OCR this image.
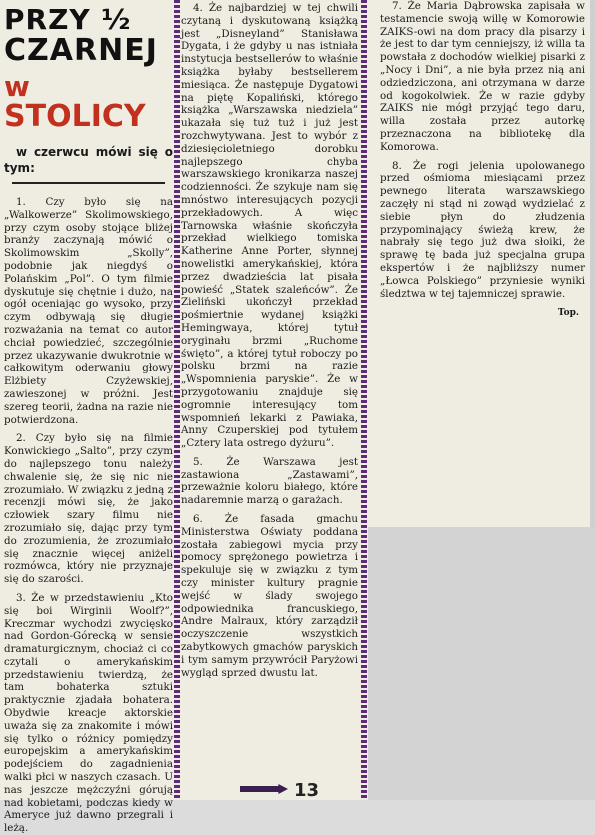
PRZY ½
CZARNEJ
w STOLICY

w czerwcu mówi się o tym:

1. Czy było się na „Walkowerze” Skolimowskiego, przy czym osoby stojące bliżej branży zaczynają mówić o Skolimowskim „Skolly”, podobnie jak niegdyś o Polańskim „Pol”. O tym filmie dyskutuje się chętnie i dużo, na ogół oceniając go wysoko, przy czym odbywają się długie rozważania na temat co autor chciał powiedzieć, szczególnie przez ukazywanie dwukrotnie w całkowitym oderwaniu głowy Elżbiety Czyżewskiej, zawieszonej w próżni. Jest szereg teorii, żadna na razie nie potwierdzona.

2. Czy było się na filmie Konwickiego „Salto”, przy czym do najlepszego tonu należy chwalenie się, że się nic nie zrozumiało. W związku z jedną z recenzji mówi się, że jako człowiek szary filmu nie zrozumiało się, dając przy tym do zrozumienia, że zrozumiało się znacznie więcej aniżeli rozmówca, który nie przyznaje się do szarości.

3. Że w przedstawieniu „Kto się boi Wirginii Woolf?”, Kreczmar wychodzi zwycięsko nad Gordon-Górecką w sensie dramaturgicznym, chociaż ci co czytali o amerykańskim przedstawieniu twierdzą, że tam bohaterka sztuki praktycznie zjadała bohatera. Obydwie kreacje aktorskie uważa się za znakomite i mówi się tylko o różnicy pomiędzy europejskim a amerykańskim podejściem do zagadnienia walki płci w naszych czasach. U nas jeszcze mężczyźni górują nad kobietami, podczas kiedy w Ameryce już dawno przegrali i leżą.

4. Że najbardziej w tej chwili czytaną i dyskutowaną książką jest „Disneyland” Stanisława Dygata, i że gdyby u nas istniała instytucja bestsellerów to właśnie książka byłaby bestsellerem miesiąca. Że następuje Dygatowi na piętę Kopaliński, którego książka „Warszawska niedziela” ukazała się tuż tuż i już jest rozchwytywana. Jest to wybór z dziesięcioletniego dorobku najlepszego chyba warszawskiego kronikarza naszej codzienności. Że szykuje nam się mnóstwo interesujących pozycji przekładowych. A więc Tarnowska właśnie skończyła przekład wielkiego tomiska Katherine Anne Porter, słynnej nowelistki amerykańskiej, która przez dwadzieścia lat pisała powieść „Statek szaleńców”. Że Zieliński ukończył przekład pośmiertnie wydanej książki Hemingwaya, której tytuł oryginału brzmi „Ruchome święto”, a której tytuł roboczy po polsku brzmi na razie „Wspomnienia paryskie”. Że w przygotowaniu znajduje się ogromnie interesujący tom wspomnień lekarki z Pawiaka, Anny Czuperskiej pod tytułem „Cztery lata ostrego dyżuru”.

5. Że Warszawa jest zastawiona „Zastawami”, przeważnie koloru białego, które nadaremnie marzą o garażach.

6. Że fasada gmachu Ministerstwa Oświaty poddana została zabiegowi mycia przy pomocy sprężonego powietrza i spekuluje się w związku z tym czy minister kultury pragnie wejść w ślady swojego odpowiednika francuskiego, Andre Malraux, który zarządził oczyszczenie wszystkich zabytkowych gmachów paryskich i tym samym przywrócił Paryżowi wygląd sprzed dwustu lat.

7. Że Maria Dąbrowska zapisała w testamencie swoją willę w Komorowie ZAIKS-owi na dom pracy dla pisarzy i że jest to dar tym cenniejszy, iż willa ta powstała z dochodów wielkiej pisarki z „Nocy i Dni”, a nie była przez nią ani odziedziczona, ani otrzymana w darze od kogokolwiek. Że w razie gdyby ZAIKS nie mógł przyjąć tego daru, willa została przez autorkę przeznaczona na bibliotekę dla Komorowa.

8. Że rogi jelenia upolowanego przed ośmioma miesiącami przez pewnego literata warszawskiego zaczęły ni stąd ni zowąd wydzielać z siebie płyn do złudzenia przypominający świeżą krew, że nabrały się tego już dwa słoiki, że sprawę tę bada już specjalna grupa ekspertów i że najbliższy numer „Łowca Polskiego” przyniesie wyniki śledztwa w tej tajemniczej sprawie.

Top.
13
